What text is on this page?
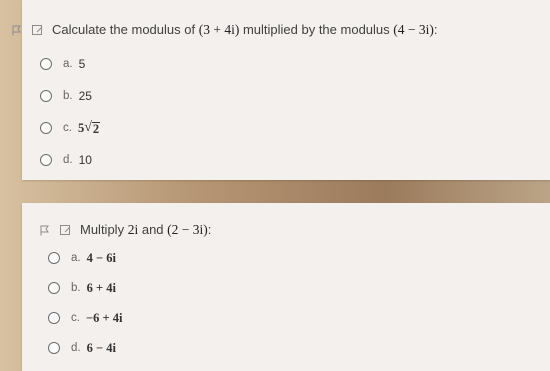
Calculate the modulus of (3 + 4i) multiplied by the modulus (4 − 3i):
a. 5
b. 25
c. 5 √ 2
d. 10
Multiply 2i and (2 − 3i):
a. 4 − 6i
b. 6 + 4i
c. −6 + 4i
d. 6 − 4i
